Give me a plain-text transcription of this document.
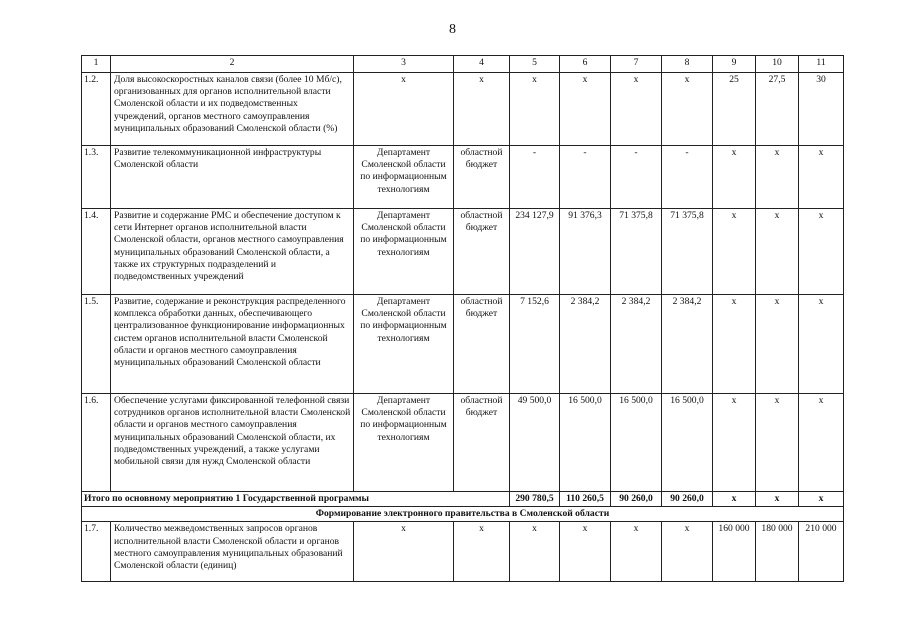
8
1	2	3	4	5	6	7	8	9	10	11
1.2.	Доля высокоскоростных каналов связи (более 10 Мб/с), организованных для органов исполнительной власти Смоленской области и их подведомственных учреждений, органов местного самоуправления муниципальных образований Смоленской области (%)	х	х	х	х	х	х	25	27,5	30
1.3.	Развитие телекоммуникационной инфраструктуры Смоленской области	Департамент Смоленской области по информационным технологиям	областной бюджет	-	-	-	-	х	х	х
1.4.	Развитие и содержание РМС и обеспечение доступом к сети Интернет органов исполнительной власти Смоленской области, органов местного самоуправления муниципальных образований Смоленской области, а также их структурных подразделений и подведомственных учреждений	Департамент Смоленской области по информационным технологиям	областной бюджет	234 127,9	91 376,3	71 375,8	71 375,8	х	х	х
1.5.	Развитие, содержание и реконструкция распределенного комплекса обработки данных, обеспечивающего централизованное функционирование информационных систем органов исполнительной власти Смоленской области и органов местного самоуправления муниципальных образований Смоленской области	Департамент Смоленской области по информационным технологиям	областной бюджет	7 152,6	2 384,2	2 384,2	2 384,2	х	х	х
1.6.	Обеспечение услугами фиксированной телефонной связи сотрудников органов исполнительной власти Смоленской области и органов местного самоуправления муниципальных образований Смоленской области, их подведомственных учреждений, а также услугами мобильной связи для нужд Смоленской области	Департамент Смоленской области по информационным технологиям	областной бюджет	49 500,0	16 500,0	16 500,0	16 500,0	х	х	х
Итого по основному мероприятию 1 Государственной программы				290 780,5	110 260,5	90 260,0	90 260,0	х	х	х
Формирование электронного правительства в Смоленской области										
1.7.	Количество межведомственных запросов органов исполнительной власти Смоленской области и органов местного самоуправления муниципальных образований Смоленской области (единиц)	х	х	х	х	х	х	160 000	180 000	210 000
